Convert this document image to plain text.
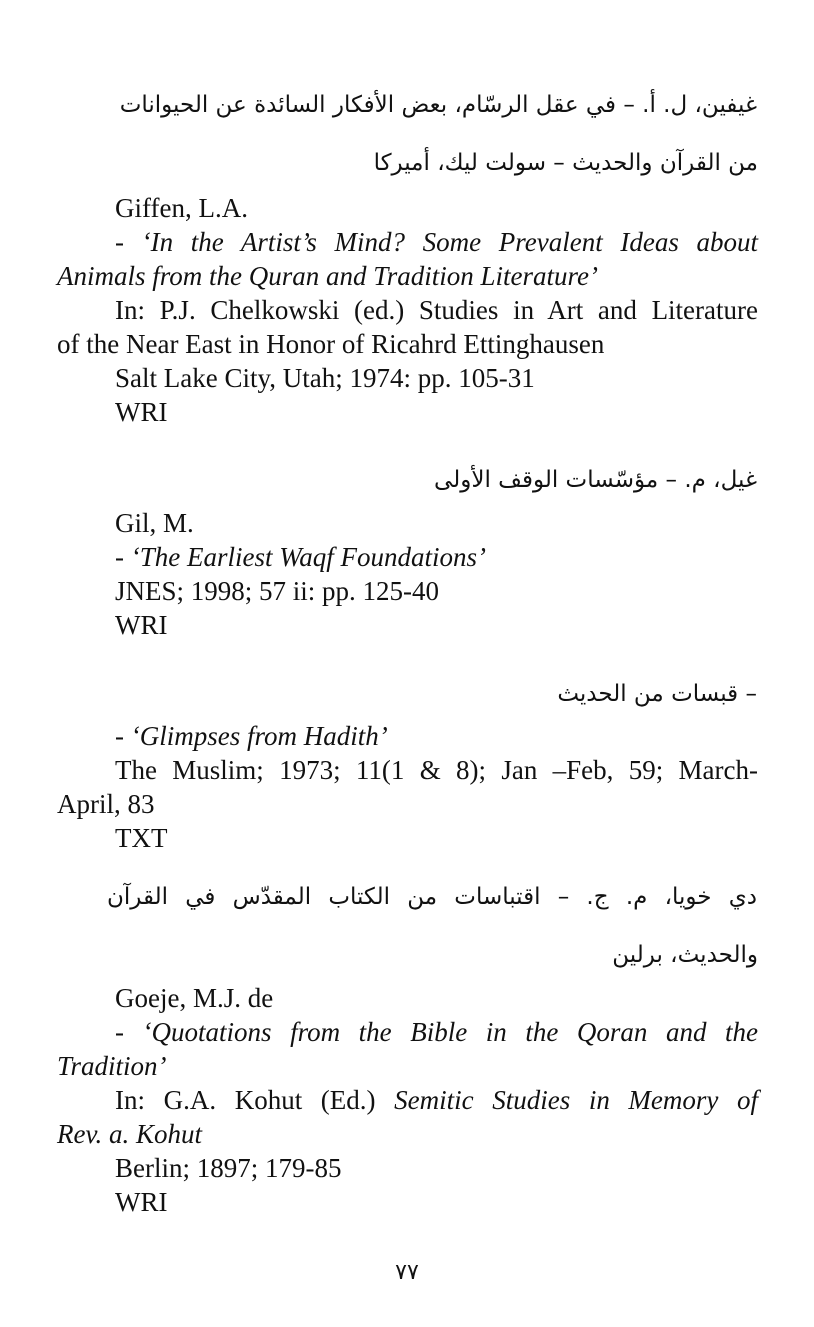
غيفين، ل. أ. – في عقل الرسّام، بعض الأفكار السائدة عن الحيوانات
من القرآن والحديث – سولت ليك، أميركا
Giffen, L.A.
- ‘In the Artist’s Mind? Some Prevalent Ideas about
Animals from the Quran and Tradition Literature’
In: P.J. Chelkowski (ed.) Studies in Art and Literature
of the Near East in Honor of Ricahrd Ettinghausen
Salt Lake City, Utah; 1974: pp. 105-31
WRI
غيل، م. – مؤسّسات الوقف الأولى
Gil, M.
- ‘The Earliest Waqf Foundations’
JNES; 1998; 57 ii: pp. 125-40
WRI
– قبسات من الحديث
- ‘Glimpses from Hadith’
The Muslim; 1973; 11(1 & 8); Jan –Feb, 59; March-
April, 83
TXT
دي خويا، م. ج. – اقتباسات من الكتاب المقدّس في القرآن
والحديث، برلين
Goeje, M.J. de
- ‘Quotations from the Bible in the Qoran and the
Tradition’
In: G.A. Kohut (Ed.) Semitic Studies in Memory of
Rev. a. Kohut
Berlin; 1897; 179-85
WRI
٧٧
